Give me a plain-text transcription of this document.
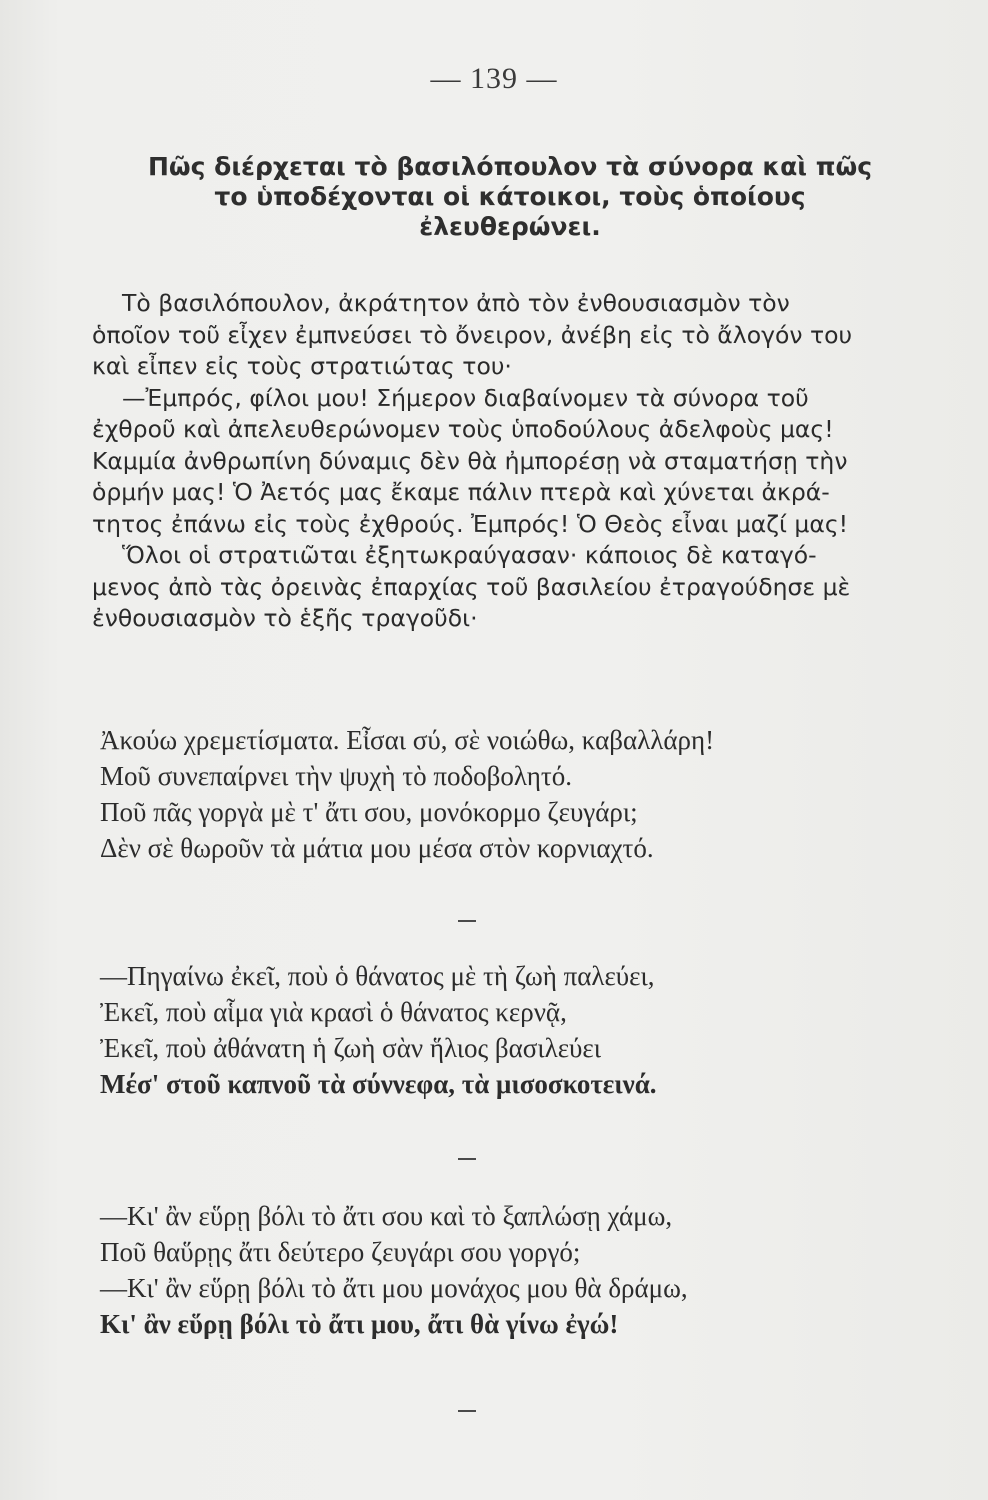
— 139 —
Πῶς διέρχεται τὸ βασιλόπουλον τὰ σύνορα καὶ πῶς
το ὑποδέχονται οἱ κάτοικοι, τοὺς ὁποίους
ἐλευθερώνει.
Τὸ βασιλόπουλον, ἀκράτητον ἀπὸ τὸν ἐνθουσιασμὸν τὸν
ὁποῖον τοῦ εἶχεν ἐμπνεύσει τὸ ὄνειρον, ἀνέβη εἰς τὸ ἄλογόν του
καὶ εἶπεν εἰς τοὺς στρατιώτας του·
—Ἐμπρός, φίλοι μου! Σήμερον διαβαίνομεν τὰ σύνορα τοῦ
ἐχθροῦ καὶ ἀπελευθερώνομεν τοὺς ὑποδούλους ἀδελφοὺς μας!
Καμμία ἀνθρωπίνη δύναμις δὲν θὰ ἠμπορέσῃ νὰ σταματήσῃ τὴν
ὁρμήν μας! Ὁ Ἀετός μας ἔκαμε πάλιν πτερὰ καὶ χύνεται ἀκρά-
τητος ἐπάνω εἰς τοὺς ἐχθρούς. Ἐμπρός! Ὁ Θεὸς εἶναι μαζί μας!
Ὅλοι οἱ στρατιῶται ἐξητωκραύγασαν· κάποιος δὲ καταγό-
μενος ἀπὸ τὰς ὀρεινὰς ἐπαρχίας τοῦ βασιλείου ἐτραγούδησε μὲ
ἐνθουσιασμὸν τὸ ἑξῆς τραγοῦδι·
Ἀκούω χρεμετίσματα. Εἶσαι σύ, σὲ νοιώθω, καβαλλάρη!
Μοῦ συνεπαίρνει τὴν ψυχὴ τὸ ποδοβολητό.
Ποῦ πᾶς γοργὰ μὲ τ' ἄτι σου, μονόκορμο ζευγάρι;
Δὲν σὲ θωροῦν τὰ μάτια μου μέσα στὸν κορνιαχτό.
—Πηγαίνω ἐκεῖ, ποὺ ὁ θάνατος μὲ τὴ ζωὴ παλεύει,
Ἐκεῖ, ποὺ αἷμα γιὰ κρασὶ ὁ θάνατος κερνᾷ,
Ἐκεῖ, ποὺ ἀθάνατη ἡ ζωὴ σὰν ἥλιος βασιλεύει
Μέσ' στοῦ καπνοῦ τὰ σύννεφα, τὰ μισοσκοτεινά.
—Κι' ἂν εὕρῃ βόλι τὸ ἄτι σου καὶ τὸ ξαπλώσῃ χάμω,
Ποῦ θαὕρῃς ἄτι δεύτερο ζευγάρι σου γοργό;
—Κι' ἂν εὕρῃ βόλι τὸ ἄτι μου μονάχος μου θὰ δράμω,
Κι' ἂν εὕρῃ βόλι τὸ ἄτι μου, ἄτι θὰ γίνω ἐγώ!
